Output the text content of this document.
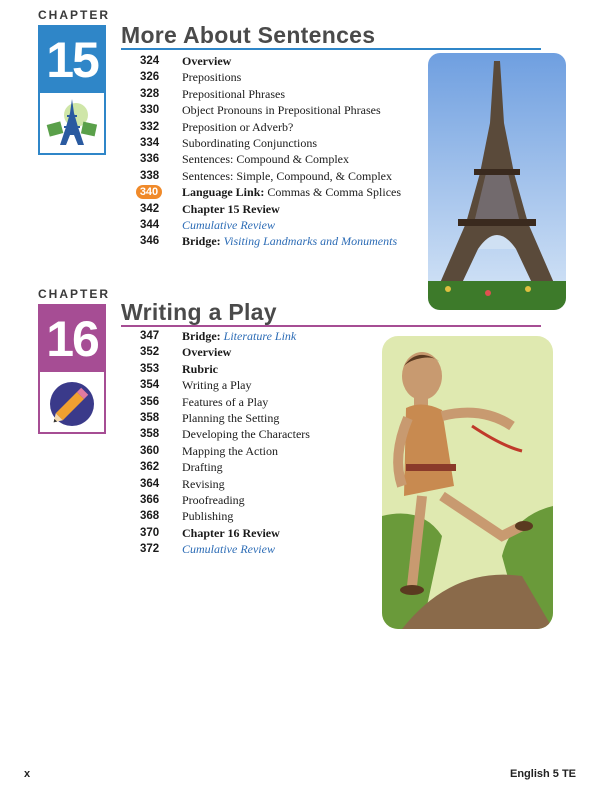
CHAPTER
15 More About Sentences
324 Overview
326 Prepositions
328 Prepositional Phrases
330 Object Pronouns in Prepositional Phrases
332 Preposition or Adverb?
334 Subordinating Conjunctions
336 Sentences: Compound & Complex
338 Sentences: Simple, Compound, & Complex
340	Language Link: Commas & Comma Splices
342 Chapter 15 Review
344 Cumulative Review
346 Bridge: Visiting Landmarks and Monuments
CHAPTER
16 Writing a Play
347 Bridge: Literature Link
352 Overview
353 Rubric
354 Writing a Play
356 Features of a Play
358 Planning the Setting
358 Developing the Characters
360 Mapping the Action
362 Drafting
364 Revising
366 Proofreading
368 Publishing
370 Chapter 16 Review
372 Cumulative Review
x	English 5 TE
